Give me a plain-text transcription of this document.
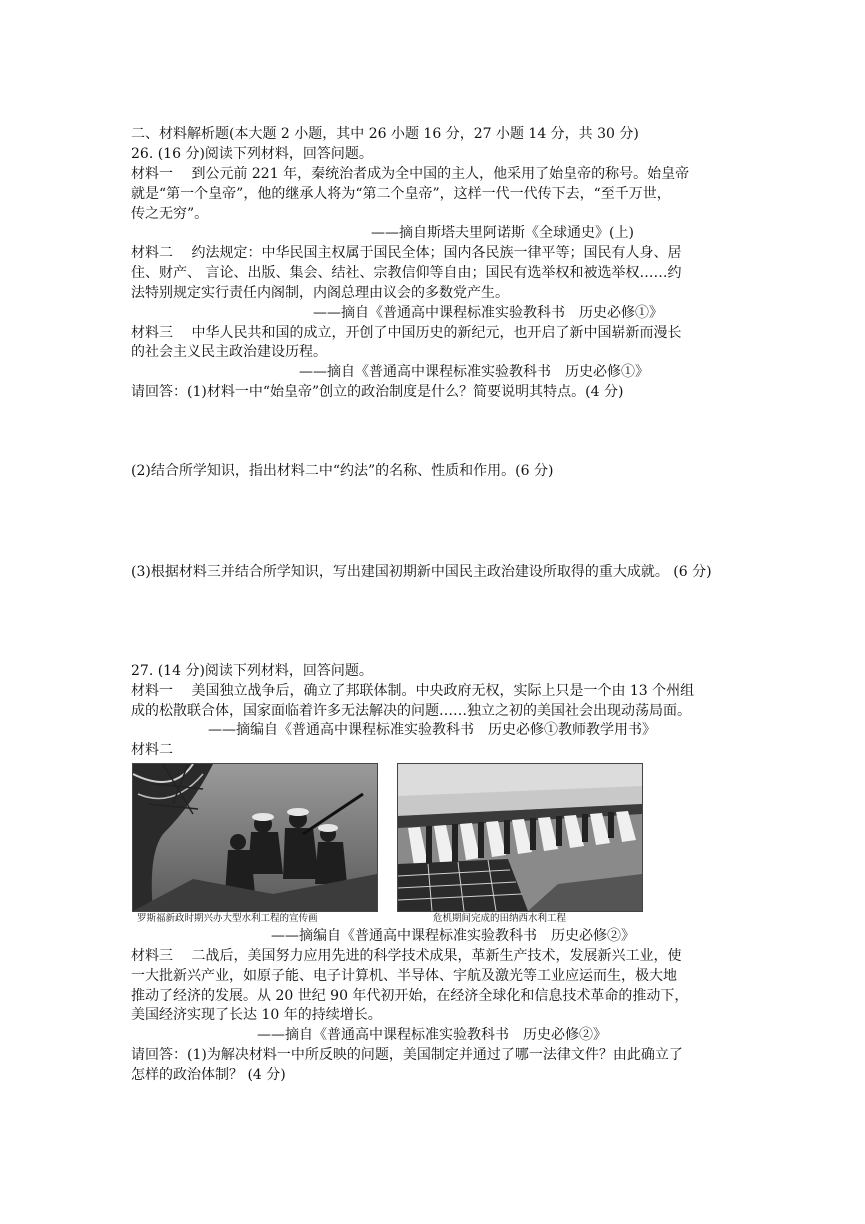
二、材料解析题(本大题 2 小题，其中 26 小题 16 分，27 小题 14 分，共 30 分)
26. (16 分)阅读下列材料，回答问题。
材料一　 到公元前 221 年，秦统治者成为全中国的主人，他采用了始皇帝的称号。始皇帝
就是“第一个皇帝”，他的继承人将为“第二个皇帝”，这样一代一代传下去，“至千万世，
传之无穷”。
——摘自斯塔夫里阿诺斯《全球通史》(上)
材料二　 约法规定：中华民国主权属于国民全体；国内各民族一律平等；国民有人身、居
住、财产、 言论、出版、集会、结社、宗教信仰等自由；国民有选举权和被选举权……约
法特别规定实行责任内阁制，内阁总理由议会的多数党产生。
——摘自《普通高中课程标准实验教科书　历史必修①》
材料三　 中华人民共和国的成立，开创了中国历史的新纪元，也开启了新中国崭新而漫长
的社会主义民主政治建设历程。
——摘自《普通高中课程标准实验教科书　历史必修①》
请回答：(1)材料一中“始皇帝”创立的政治制度是什么？简要说明其特点。(4 分)
(2)结合所学知识，指出材料二中“约法”的名称、性质和作用。(6 分)
(3)根据材料三并结合所学知识，写出建国初期新中国民主政治建设所取得的重大成就。 (6 分)
27. (14 分)阅读下列材料，回答问题。
材料一　 美国独立战争后，确立了邦联体制。中央政府无权，实际上只是一个由 13 个州组
成的松散联合体，国家面临着许多无法解决的问题……独立之初的美国社会出现动荡局面。
——摘编自《普通高中课程标准实验教科书　历史必修①教师教学用书》
材料二
罗斯福新政时期兴办大型水利工程的宣传画	危机期间完成的田纳西水利工程
——摘编自《普通高中课程标准实验教科书　历史必修②》
材料三　 二战后，美国努力应用先进的科学技术成果，革新生产技术，发展新兴工业，使
一大批新兴产业，如原子能、电子计算机、半导体、宇航及激光等工业应运而生，极大地
推动了经济的发展。从 20 世纪 90 年代初开始，在经济全球化和信息技术革命的推动下，
美国经济实现了长达 10 年的持续增长。
——摘自《普通高中课程标准实验教科书　历史必修②》
请回答：(1)为解决材料一中所反映的问题，美国制定并通过了哪一法律文件？由此确立了
怎样的政治体制？ (4 分)
